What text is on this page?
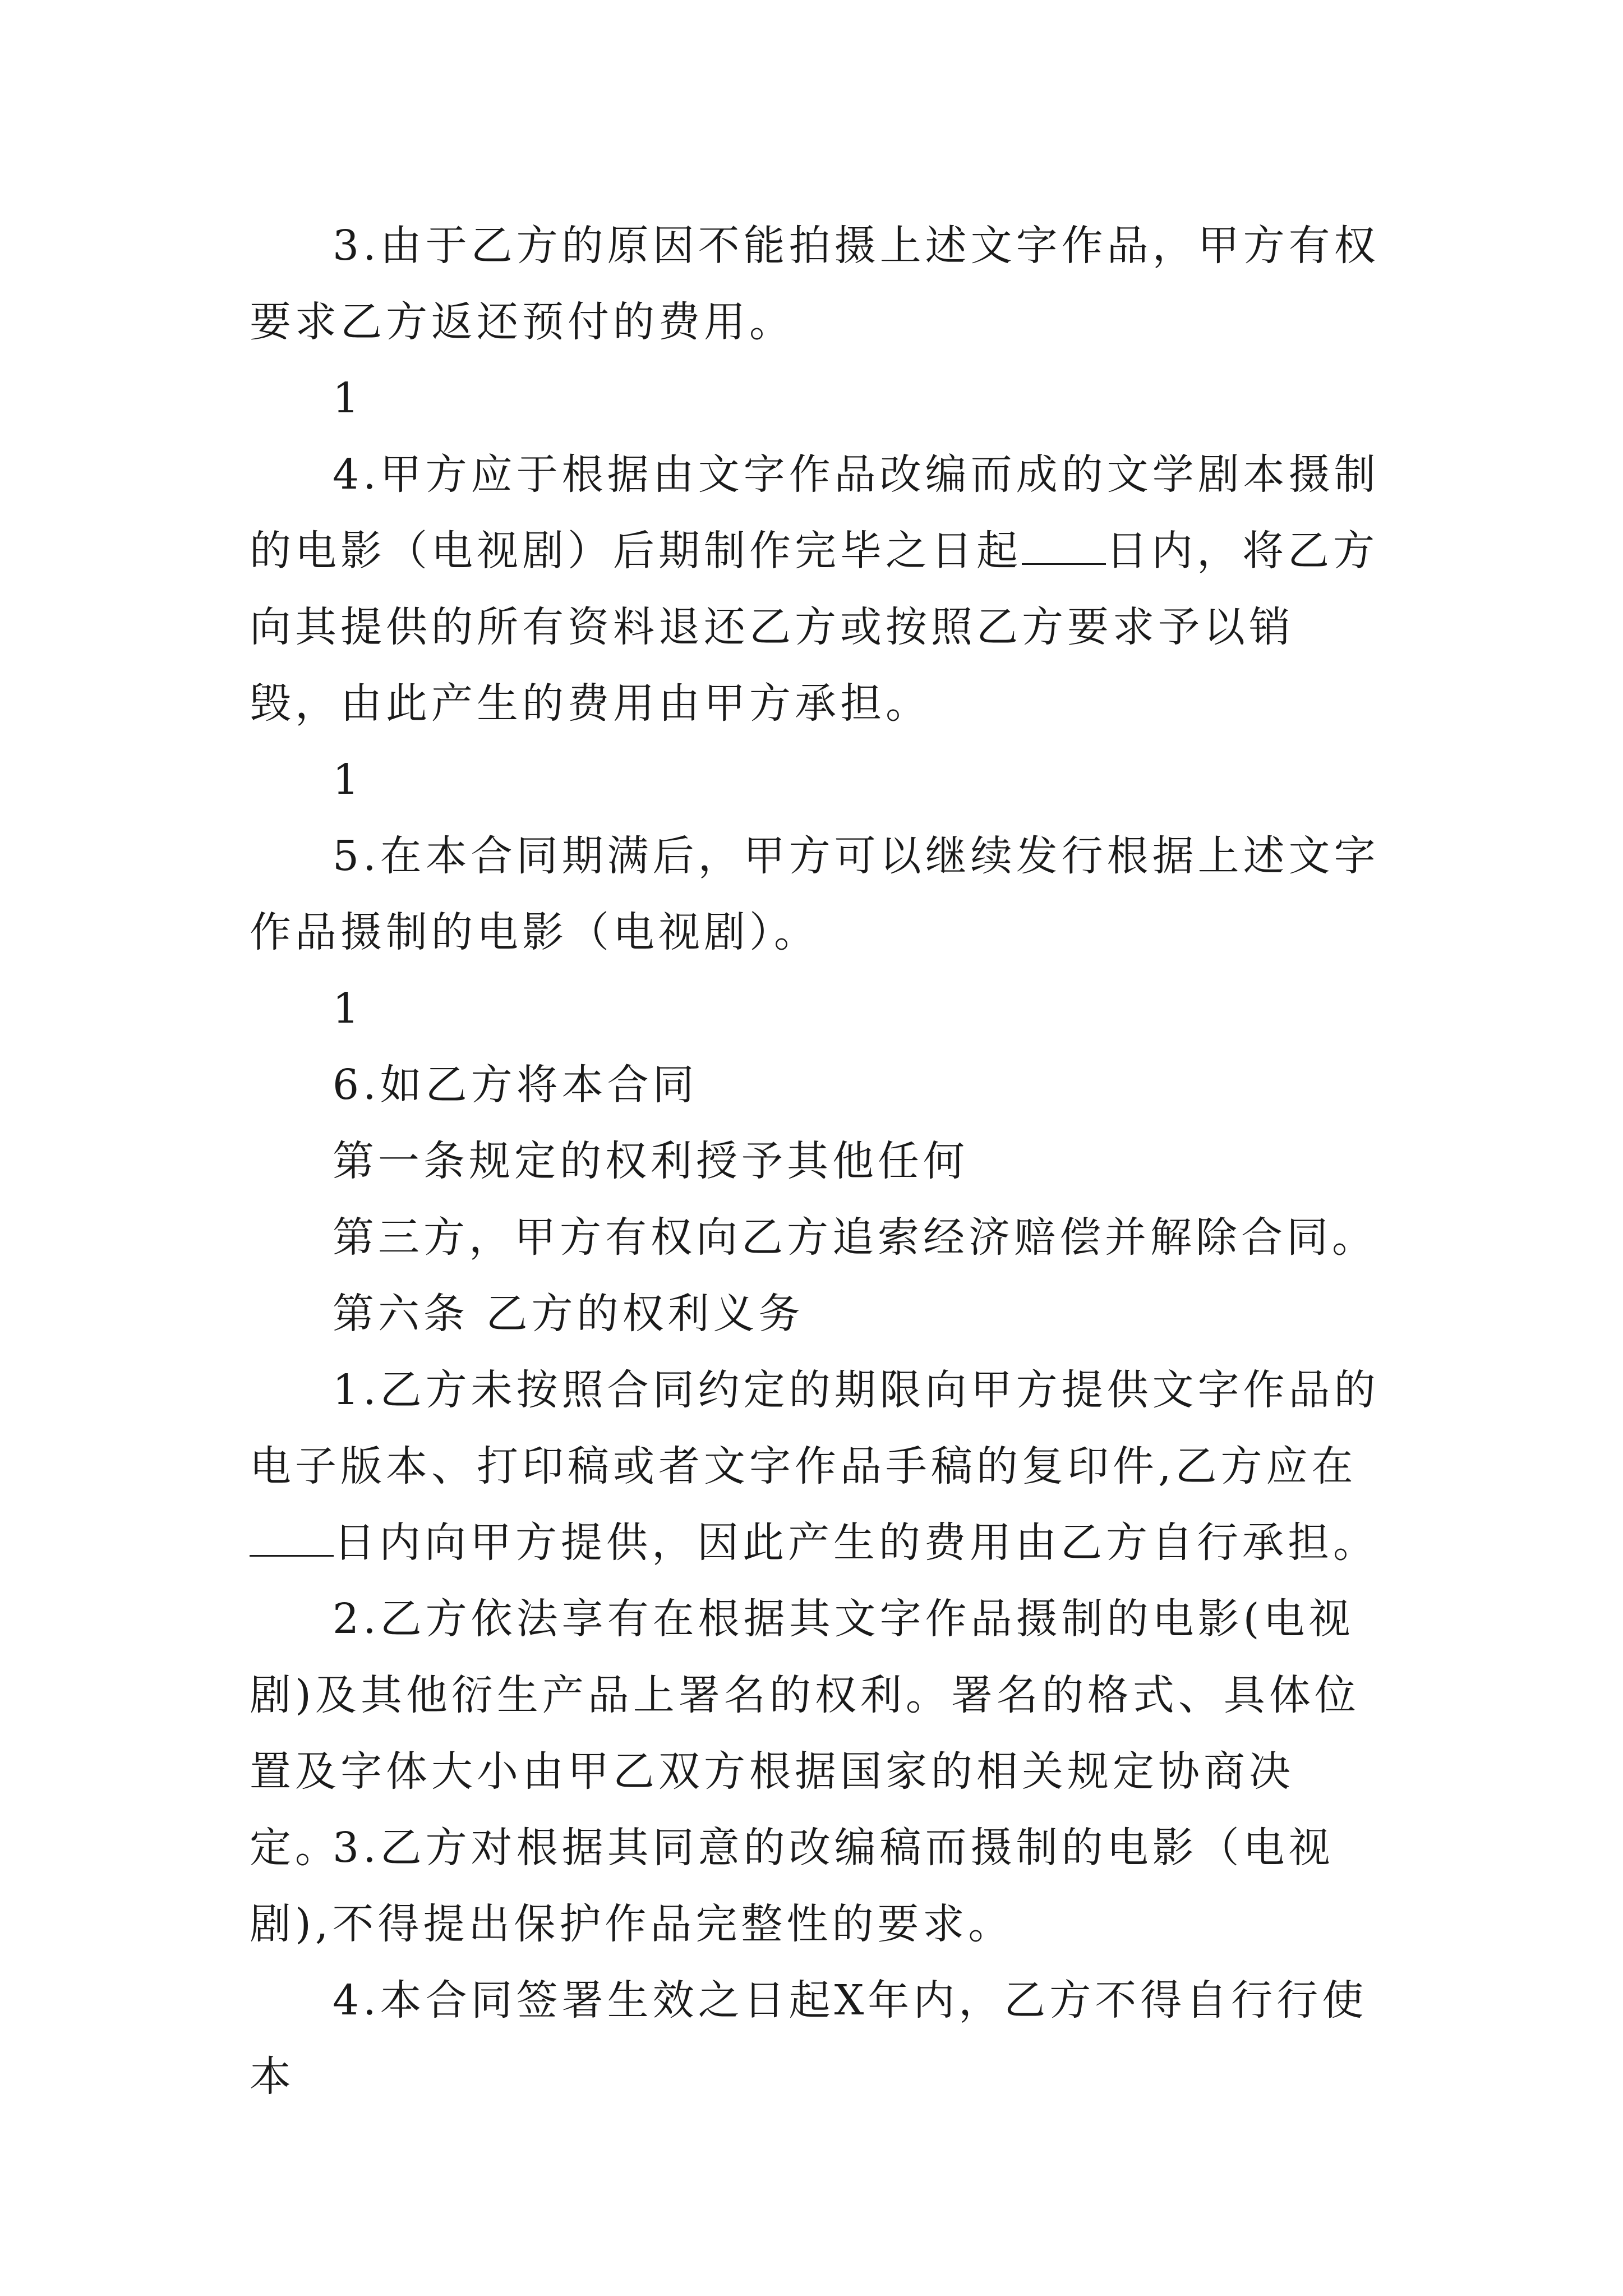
3.由于乙方的原因不能拍摄上述文字作品，甲方有权要求乙方返还预付的费用。

1

4.甲方应于根据由文字作品改编而成的文学剧本摄制的电影（电视剧）后期制作完毕之日起 日内，将乙方向其提供的所有资料退还乙方或按照乙方要求予以销毁，由此产生的费用由甲方承担。

1

5.在本合同期满后，甲方可以继续发行根据上述文字作品摄制的电影（电视剧）。

1

6.如乙方将本合同

第一条规定的权利授予其他任何

第三方，甲方有权向乙方追索经济赔偿并解除合同。

第六条 乙方的权利义务

1.乙方未按照合同约定的期限向甲方提供文字作品的电子版本、打印稿或者文字作品手稿的复印件,乙方应在日内向甲方提供，因此产生的费用由乙方自行承担。

2.乙方依法享有在根据其文字作品摄制的电影(电视剧)及其他衍生产品上署名的权利。署名的格式、具体位置及字体大小由甲乙双方根据国家的相关规定协商决定。

3.乙方对根据其同意的改编稿而摄制的电影（电视剧),不得提出保护作品完整性的要求。

4.本合同签署生效之日起X年内，乙方不得自行行使本
